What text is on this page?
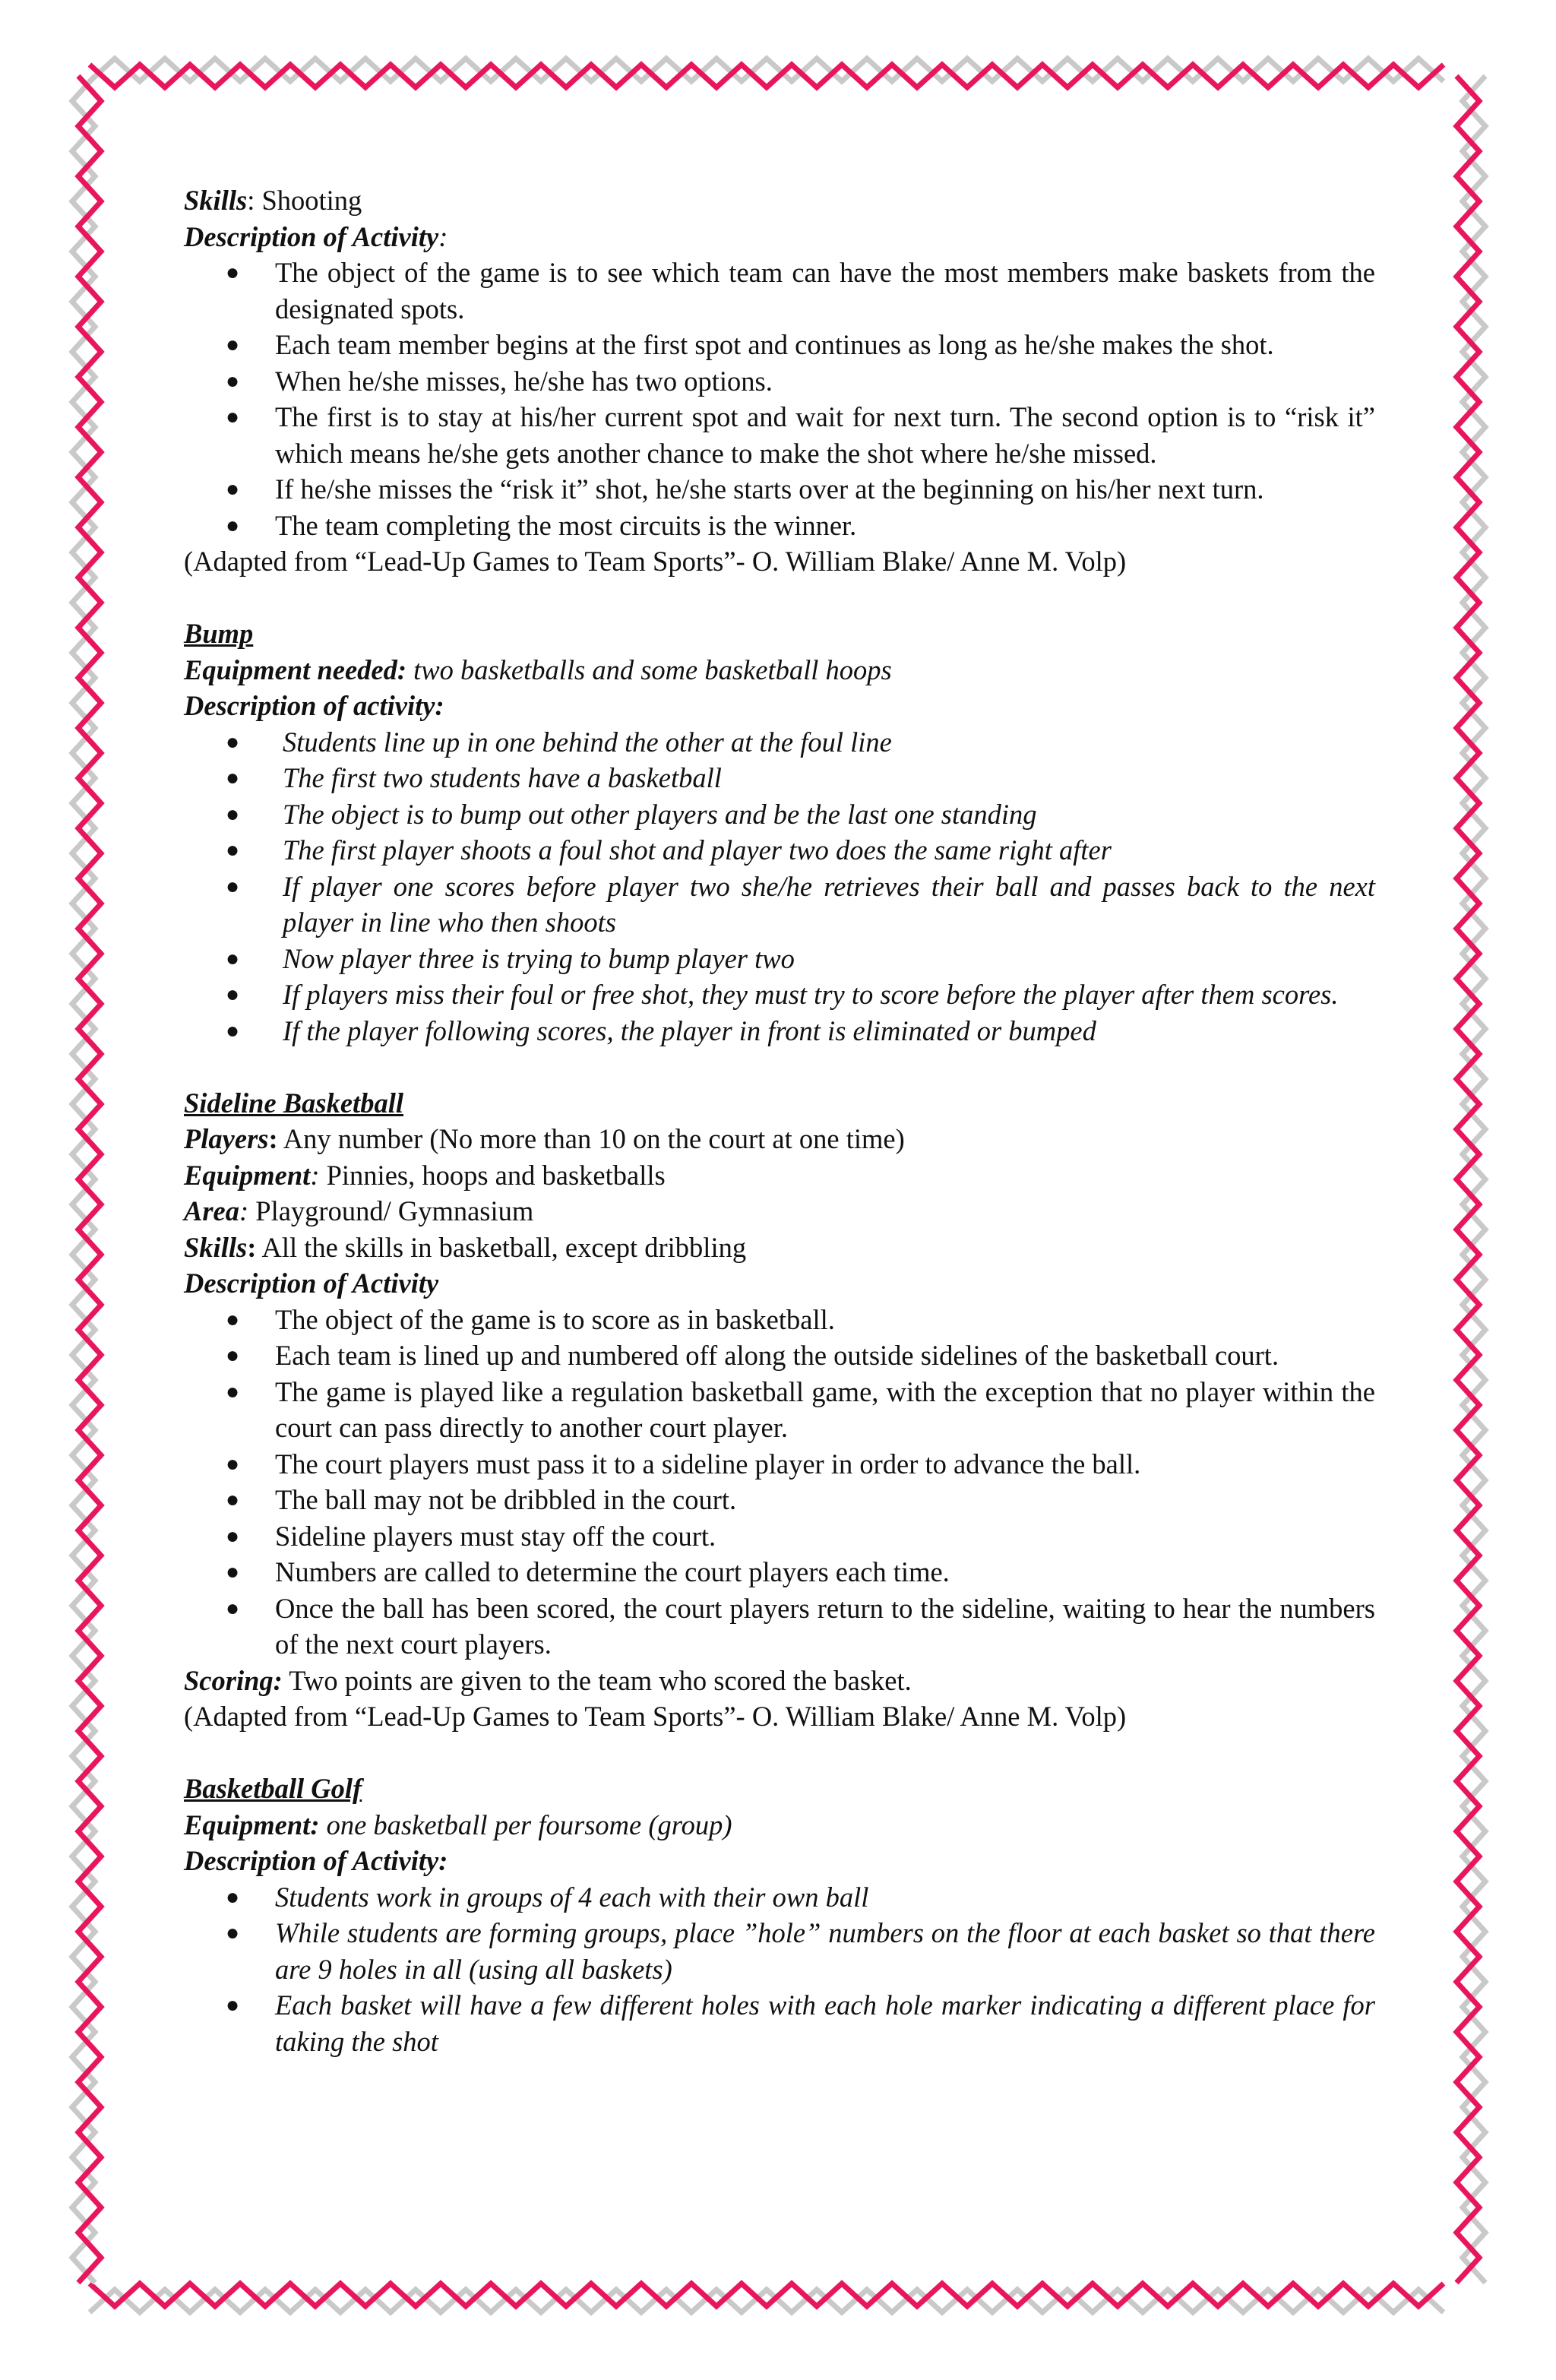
Skills: Shooting

Description of Activity:

● The object of the game is to see which team can have the most members make baskets from the designated spots.
● Each team member begins at the first spot and continues as long as he/she makes the shot.
● When he/she misses, he/she has two options.
● The first is to stay at his/her current spot and wait for next turn. The second option is to “risk it” which means he/she gets another chance to make the shot where he/she missed.
● If he/she misses the “risk it” shot, he/she starts over at the beginning on his/her next turn.
● The team completing the most circuits is the winner.

(Adapted from “Lead-Up Games to Team Sports”- O. William Blake/ Anne M. Volp)

Bump

Equipment needed: two basketballs and some basketball hoops

Description of activity:

● Students line up in one behind the other at the foul line
● The first two students have a basketball
● The object is to bump out other players and be the last one standing
● The first player shoots a foul shot and player two does the same right after
● If player one scores before player two she/he retrieves their ball and passes back to the next player in line who then shoots
● Now player three is trying to bump player two
● If players miss their foul or free shot, they must try to score before the player after them scores.
● If the player following scores, the player in front is eliminated or bumped

Sideline Basketball

Players: Any number (No more than 10 on the court at one time)

Equipment: Pinnies, hoops and basketballs

Area: Playground/ Gymnasium

Skills: All the skills in basketball, except dribbling

Description of Activity

● The object of the game is to score as in basketball.
● Each team is lined up and numbered off along the outside sidelines of the basketball court.
● The game is played like a regulation basketball game, with the exception that no player within the court can pass directly to another court player.
● The court players must pass it to a sideline player in order to advance the ball.
● The ball may not be dribbled in the court.
● Sideline players must stay off the court.
● Numbers are called to determine the court players each time.
● Once the ball has been scored, the court players return to the sideline, waiting to hear the numbers of the next court players.

Scoring: Two points are given to the team who scored the basket.

(Adapted from “Lead-Up Games to Team Sports”- O. William Blake/ Anne M. Volp)

Basketball Golf

Equipment: one basketball per foursome (group)

Description of Activity:

● Students work in groups of 4 each with their own ball
● While students are forming groups, place ”hole” numbers on the floor at each basket so that there are 9 holes in all (using all baskets)
● Each basket will have a few different holes with each hole marker indicating a different place for taking the shot
